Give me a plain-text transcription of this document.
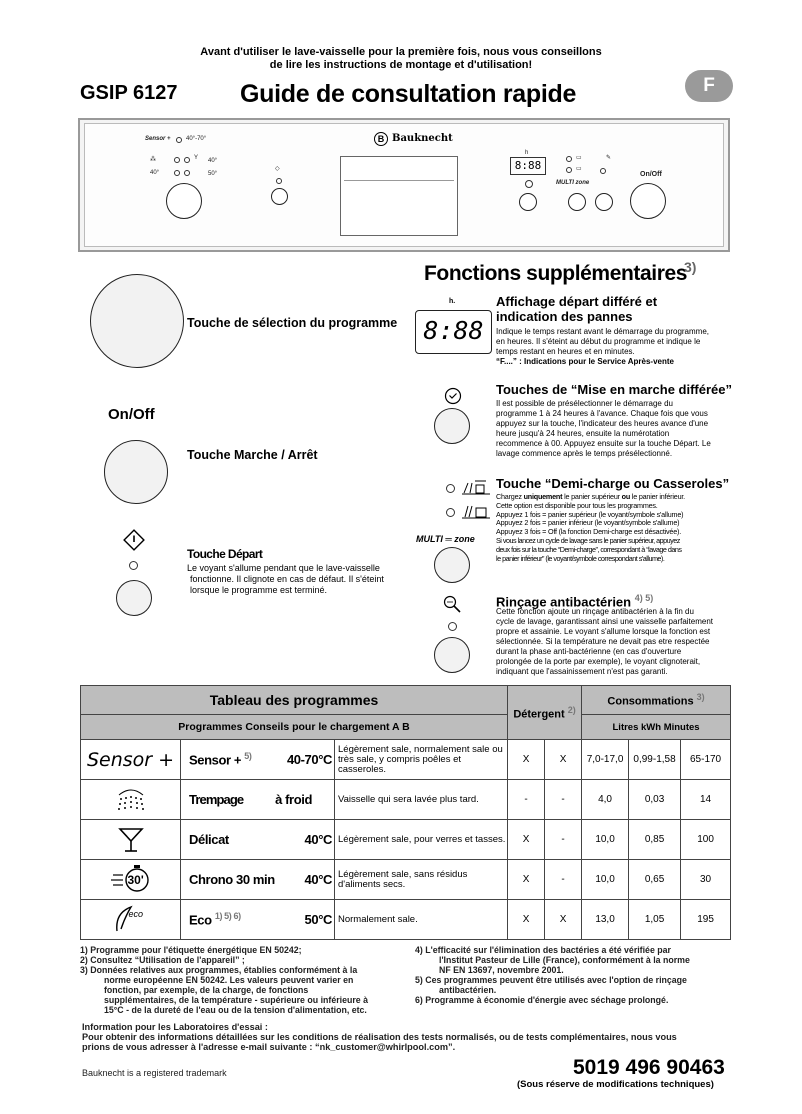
Avant d'utiliser le lave-vaisselle pour la première fois, nous vous conseillons
de lire les instructions de montage et d'utilisation!
GSIP 6127	Guide de consultation rapide	F
B Bauknecht
Sensor +	40°-70°
⁂	Y 40°
40°	50°
◇
h
8:88
▭
▭
MULTI zone
✎
On/Off
Fonctions supplémentaires
3)
Touche de sélection du programme
On/Off
Touche Marche / Arrêt
Touche Départ
Le voyant s'allume pendant que le lave-vaisselle
fonctionne. Il clignote en cas de défaut. Il s'éteint
lorsque le programme est terminé.
h.
8:88
Affichage départ différé et
indication des pannes
Indique le temps restant avant le démarrage du programme,
en heures. Il s'éteint au début du programme et indique le
temps restant en heures et en minutes.
“F....” : Indications pour le Service Après-vente
Touches de “Mise en marche différée”
Il est possible de présélectionner le démarrage du
programme 1 à 24 heures à l'avance. Chaque fois que vous
appuyez sur la touche, l'indicateur des heures avance d'une
heure jusqu'à 24 heures, ensuite la numérotation
recommence à 00. Appuyez ensuite sur la touche Départ. Le
lavage commence après le temps présélectionné.
MULTI ═ zone
Touche “Demi-charge ou Casseroles”
Chargez uniquement le panier supérieur ou le panier inférieur.
Cette option est disponible pour tous les programmes.
Appuyez 1 fois = panier supérieur (le voyant/symbole s'allume)
Appuyez 2 fois = panier inférieur (le voyant/symbole s'allume)
Appuyez 3 fois = Off (la fonction Demi-charge est désactivée).
Si vous lancez un cycle de lavage sans le panier supérieur, appuyez
deux fois sur la touche “Demi-charge”, correspondant à “lavage dans
le panier inférieur” (le voyant/symbole correspondant s'allume).
Rinçage antibactérien $^{4) 5)}$
Cette fonction ajoute un rinçage antibactérien à la fin du
cycle de lavage, garantissant ainsi une vaisselle parfaitement
propre et assainie. Le voyant s'allume lorsque la fonction est
sélectionnée. Si la température ne devait pas etre respectée
durant la phase anti-bactérienne (en cas d'ouverture
prolongée de la porte par exemple), le voyant clignoterait,
indiquant que l'assainissement n'est pas garanti.
Tableau des programmes			Détergent $^{2)}$		Consommations $^{3)}$
Programmes Conseils pour le chargement A B					Litres kWh Minutes		
Sensor +	Sensor + $^{5)}$ 40-70°C	Légèrement sale, normalement sale ou très sale, y compris poêles et casseroles.	X	X	7,0-17,0	0,99-1,58	65-170

Trempage à froid	Vaisselle qui sera lavée plus tard.	-	-	4,0	0,03	14

Délicat 40°C	Légèrement sale, pour verres et tasses.	X	-	10,0	0,85	100

30'	Chrono 30 min 40°C	Légèrement sale, sans résidus d'aliments secs.	X	-	10,0	0,65	30

eco	Eco $^{1) 5) 6)}$ 50°C	Normalement sale.	X	X	13,0	1,05	195
1) Programme pour l'étiquette énergétique EN 50242;
2) Consultez “Utilisation de l'appareil” ;
3) Données relatives aux programmes, établies conformément à la
norme européenne EN 50242. Les valeurs peuvent varier en
fonction, par exemple, de la charge, de fonctions
supplémentaires, de la température - supérieure ou inférieure à
15°C - de la dureté de l'eau ou de la tension d'alimentation, etc.
4) L'efficacité sur l'élimination des bactéries a été vérifiée par
l'Institut Pasteur de Lille (France), conformément à la norme
NF EN 13697, novembre 2001.
5) Ces programmes peuvent être utilisés avec l'option de rinçage
antibactérien.
6) Programme à économie d'énergie avec séchage prolongé.
Information pour les Laboratoires d'essai :
Pour obtenir des informations détaillées sur les conditions de réalisation des tests normalisés, ou de tests complémentaires, nous vous
prions de vous adresser à l'adresse e-mail suivante : “nk_customer@whirlpool.com”.
Bauknecht is a registered trademark	5019 496 90463
(Sous réserve de modifications techniques)
